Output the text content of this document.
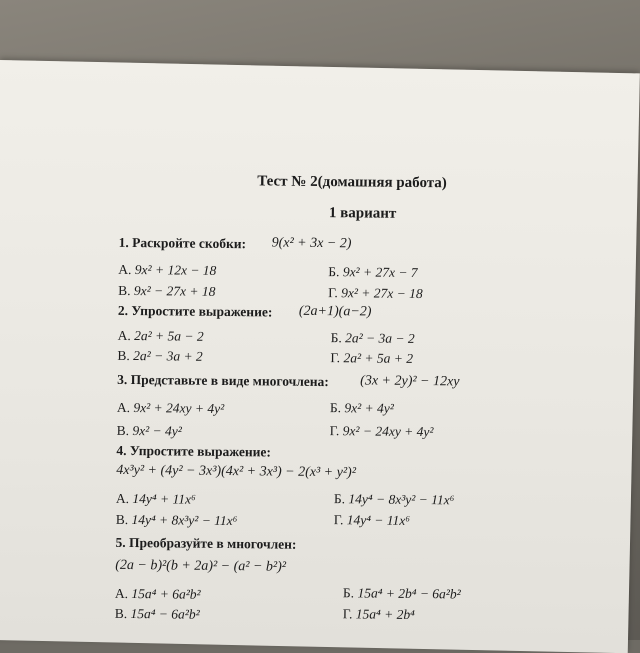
Тест № 2(домашняя работа)
1 вариант
1. Раскройте скобки: 9(x² + 3x − 2)
А. 9x² + 12x − 18	Б. 9x² + 27x − 7
В. 9x² − 27x + 18	Г. 9x² + 27x − 18
2. Упростите выражение: (2a+1)(a−2)
А. 2a² + 5a − 2	Б. 2a² − 3a − 2
В. 2a² − 3a + 2	Г. 2a² + 5a + 2
3. Представьте в виде многочлена: (3x + 2y)² − 12xy
А. 9x² + 24xy + 4y²	Б. 9x² + 4y²
В. 9x² − 4y²	Г. 9x² − 24xy + 4y²
4. Упростите выражение:
4x³y² + (4y² − 3x³)(4x² + 3x³) − 2(x³ + y²)²
А. 14y⁴ + 11x⁶	Б. 14y⁴ − 8x³y² − 11x⁶
В. 14y⁴ + 8x³y² − 11x⁶	Г. 14y⁴ − 11x⁶
5. Преобразуйте в многочлен:
(2a − b)²(b + 2a)² − (a² − b²)²
А. 15a⁴ + 6a²b²	Б. 15a⁴ + 2b⁴ − 6a²b²
В. 15a⁴ − 6a²b²	Г. 15a⁴ + 2b⁴
